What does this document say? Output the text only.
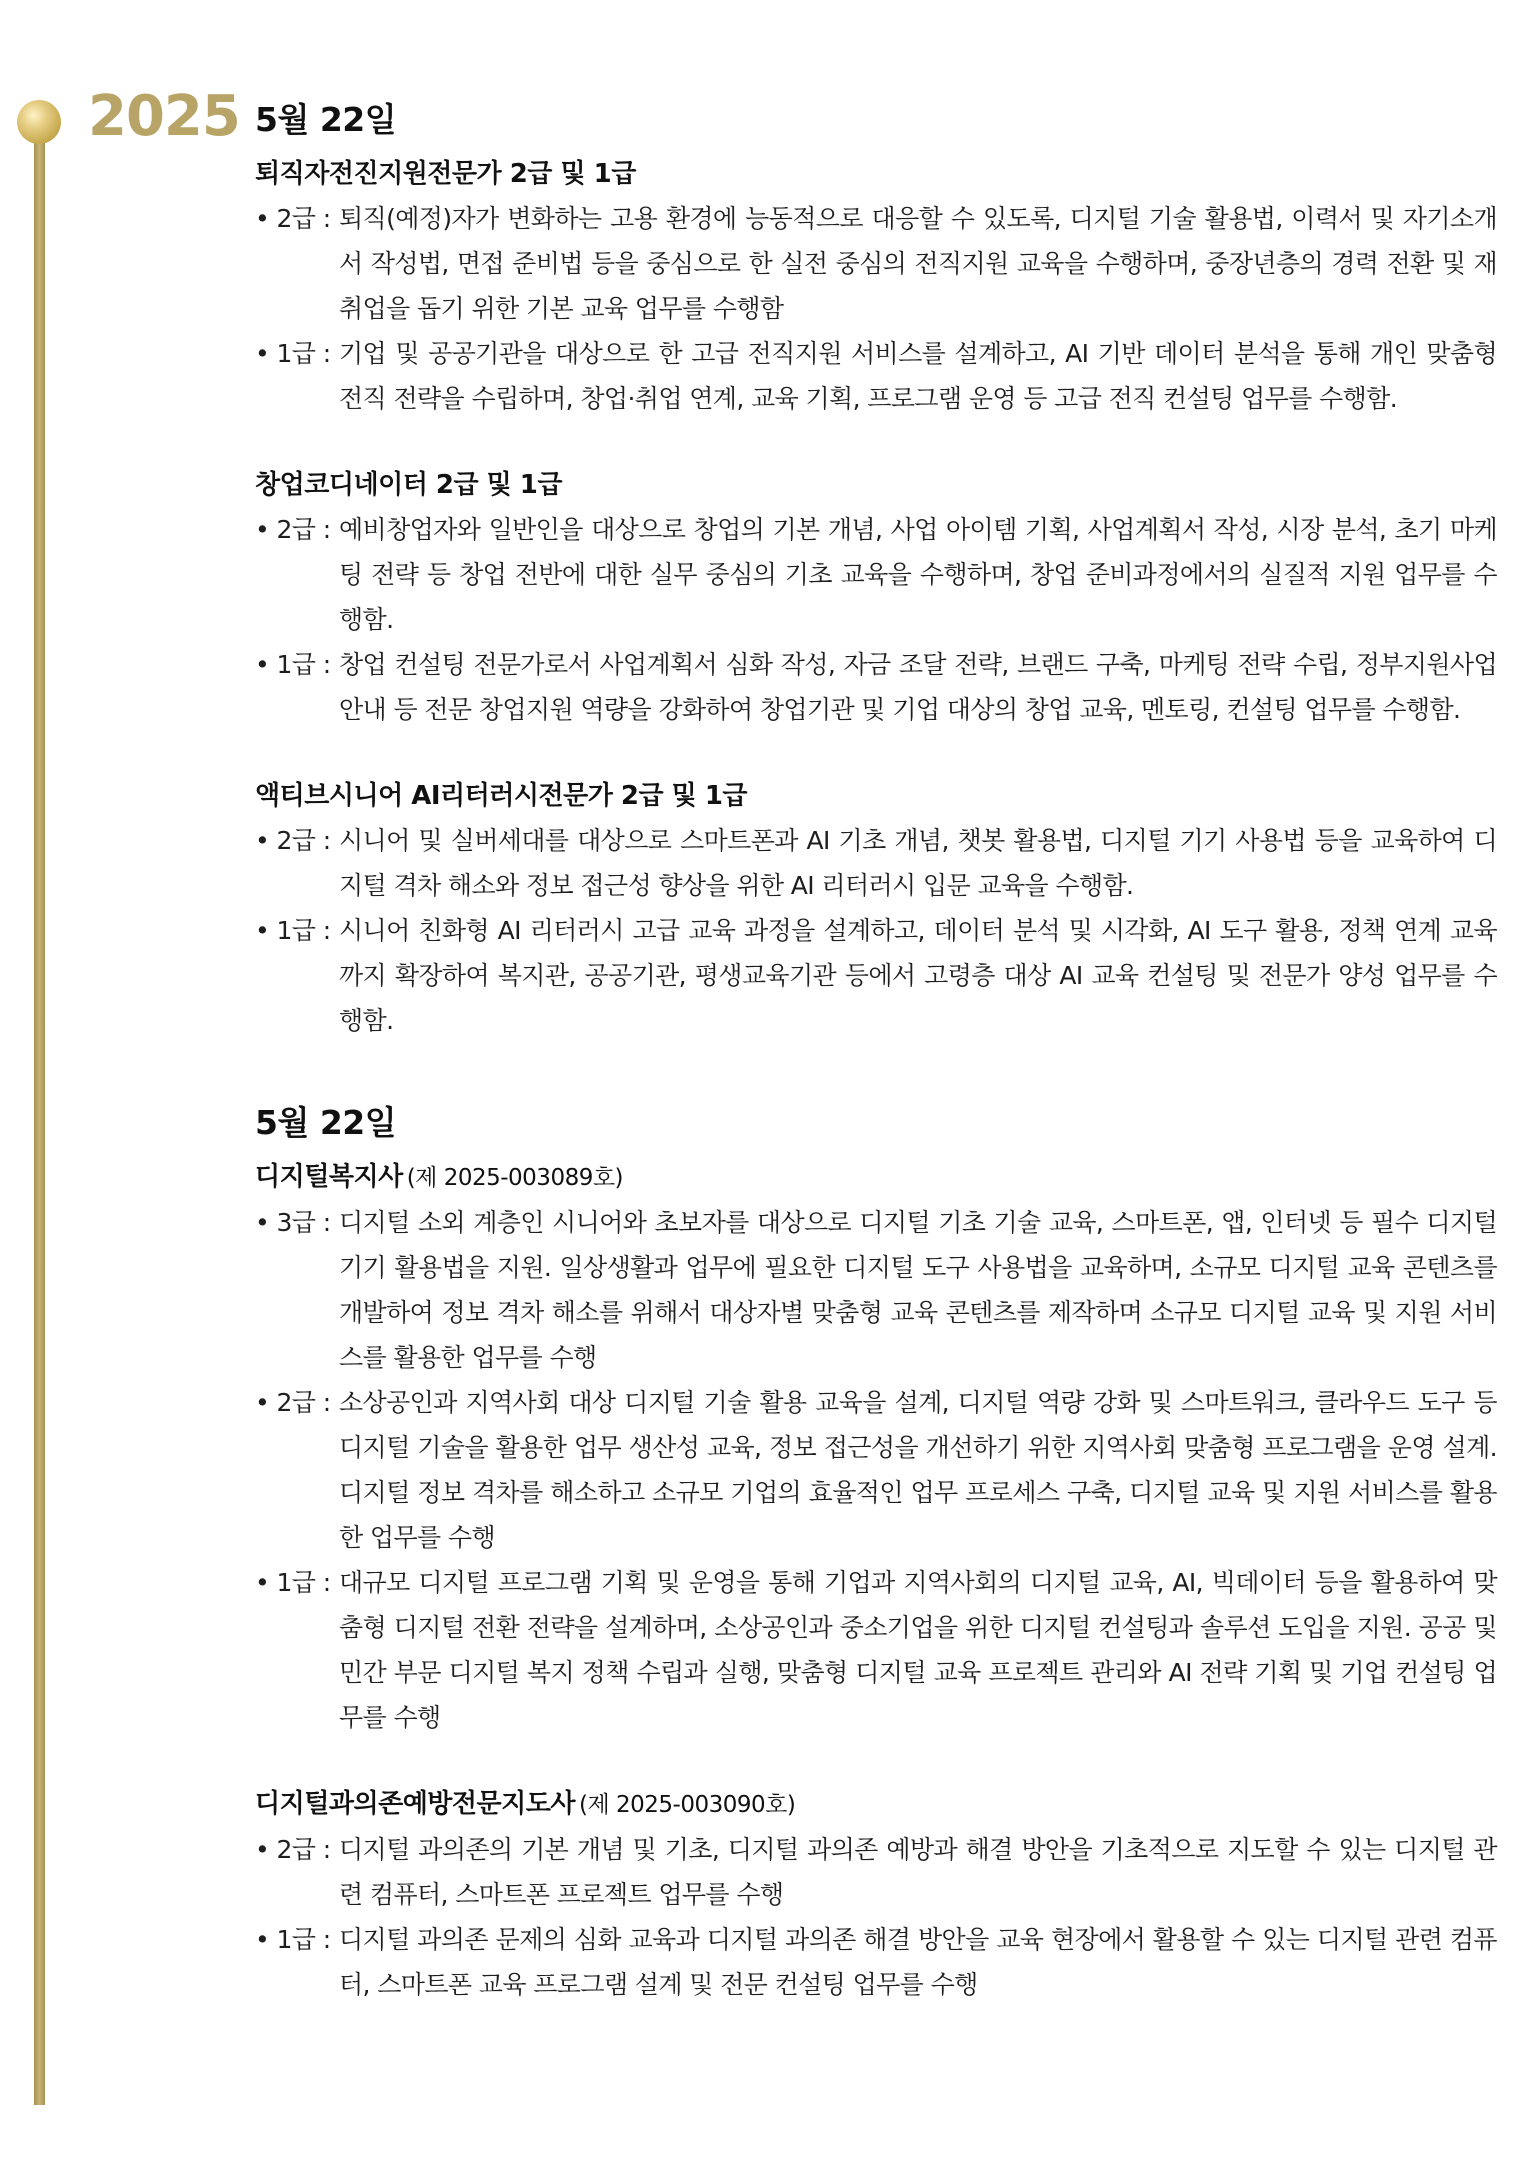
2025 5월 22일
퇴직자전진지원전문가 2급 및 1급
• 2급 : 퇴직(예정)자가 변화하는 고용 환경에 능동적으로 대응할 수 있도록, 디지털 기술 활용법, 이력서 및 자기소개서 작성법, 면접 준비법 등을 중심으로 한 실전 중심의 전직지원 교육을 수행하며, 중장년층의 경력 전환 및 재취업을 돕기 위한 기본 교육 업무를 수행함
• 1급 : 기업 및 공공기관을 대상으로 한 고급 전직지원 서비스를 설계하고, AI 기반 데이터 분석을 통해 개인 맞춤형 전직 전략을 수립하며, 창업·취업 연계, 교육 기획, 프로그램 운영 등 고급 전직 컨설팅 업무를 수행함.
창업코디네이터 2급 및 1급
• 2급 : 예비창업자와 일반인을 대상으로 창업의 기본 개념, 사업 아이템 기획, 사업계획서 작성, 시장 분석, 초기 마케팅 전략 등 창업 전반에 대한 실무 중심의 기초 교육을 수행하며, 창업 준비과정에서의 실질적 지원 업무를 수행함.
• 1급 : 창업 컨설팅 전문가로서 사업계획서 심화 작성, 자금 조달 전략, 브랜드 구축, 마케팅 전략 수립, 정부지원사업 안내 등 전문 창업지원 역량을 강화하여 창업기관 및 기업 대상의 창업 교육, 멘토링, 컨설팅 업무를 수행함.
액티브시니어 AI리터러시전문가 2급 및 1급
• 2급 : 시니어 및 실버세대를 대상으로 스마트폰과 AI 기초 개념, 챗봇 활용법, 디지털 기기 사용법 등을 교육하여 디지털 격차 해소와 정보 접근성 향상을 위한 AI 리터러시 입문 교육을 수행함.
• 1급 : 시니어 친화형 AI 리터러시 고급 교육 과정을 설계하고, 데이터 분석 및 시각화, AI 도구 활용, 정책 연계 교육까지 확장하여 복지관, 공공기관, 평생교육기관 등에서 고령층 대상 AI 교육 컨설팅 및 전문가 양성 업무를 수행함.
5월 22일
디지털복지사 (제 2025-003089호)
• 3급 : 디지털 소외 계층인 시니어와 초보자를 대상으로 디지털 기초 기술 교육, 스마트폰, 앱, 인터넷 등 필수 디지털 기기 활용법을 지원. 일상생활과 업무에 필요한 디지털 도구 사용법을 교육하며, 소규모 디지털 교육 콘텐츠를 개발하여 정보 격차 해소를 위해서 대상자별 맞춤형 교육 콘텐츠를 제작하며 소규모 디지털 교육 및 지원 서비스를 활용한 업무를 수행
• 2급 : 소상공인과 지역사회 대상 디지털 기술 활용 교육을 설계, 디지털 역량 강화 및 스마트워크, 클라우드 도구 등 디지털 기술을 활용한 업무 생산성 교육, 정보 접근성을 개선하기 위한 지역사회 맞춤형 프로그램을 운영 설계. 디지털 정보 격차를 해소하고 소규모 기업의 효율적인 업무 프로세스 구축, 디지털 교육 및 지원 서비스를 활용한 업무를 수행
• 1급 : 대규모 디지털 프로그램 기획 및 운영을 통해 기업과 지역사회의 디지털 교육, AI, 빅데이터 등을 활용하여 맞춤형 디지털 전환 전략을 설계하며, 소상공인과 중소기업을 위한 디지털 컨설팅과 솔루션 도입을 지원. 공공 및 민간 부문 디지털 복지 정책 수립과 실행, 맞춤형 디지털 교육 프로젝트 관리와 AI 전략 기획 및 기업 컨설팅 업무를 수행
디지털과의존예방전문지도사 (제 2025-003090호)
• 2급 : 디지털 과의존의 기본 개념 및 기초, 디지털 과의존 예방과 해결 방안을 기초적으로 지도할 수 있는 디지털 관련 컴퓨터, 스마트폰 프로젝트 업무를 수행
• 1급 : 디지털 과의존 문제의 심화 교육과 디지털 과의존 해결 방안을 교육 현장에서 활용할 수 있는 디지털 관련 컴퓨터, 스마트폰 교육 프로그램 설계 및 전문 컨설팅 업무를 수행
